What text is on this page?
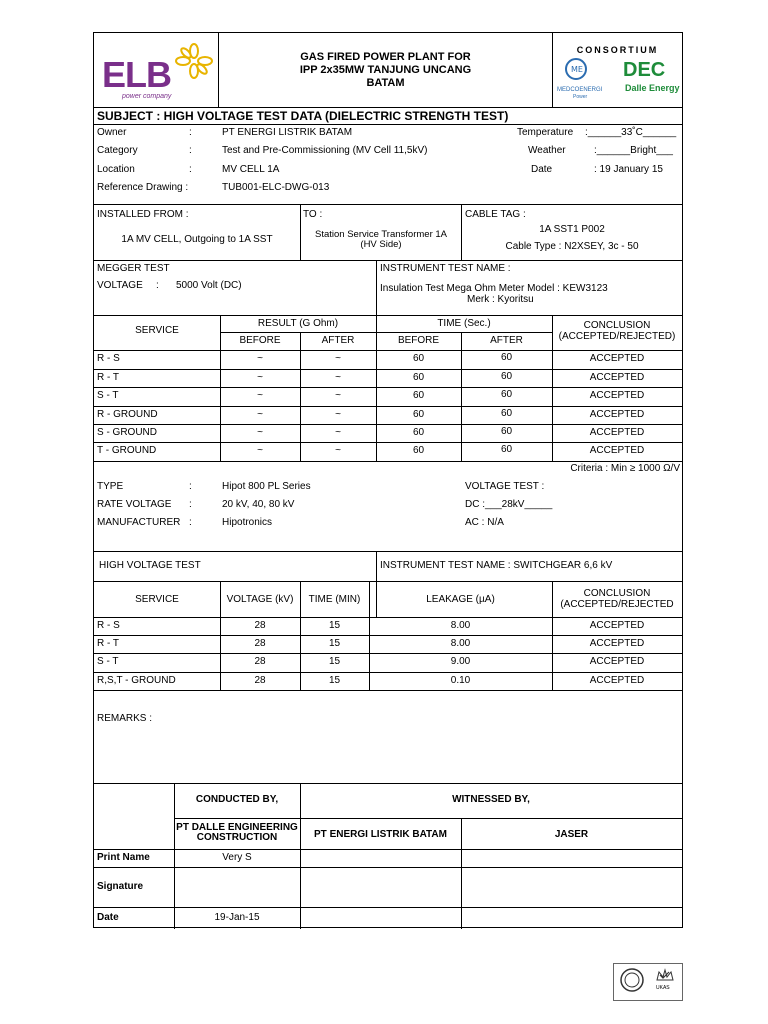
ELB
power company
GAS FIRED POWER PLANT FOR
IPP 2x35MW TANJUNG UNCANG
BATAM
CONSORTIUM
ME
MEDCOENERGI
Power
DEC
Dalle Energy
SUBJECT : HIGH VOLTAGE TEST DATA (DIELECTRIC STRENGTH TEST)
Owner	:	PT ENERGI LISTRIK BATAM	Temperature :______33˚C______
Category	:	Test and Pre-Commissioning (MV Cell 11,5kV)	Weather	:______Bright___
Location	:	MV CELL 1A	Date	: 19 January 15
Reference Drawing :	TUB001-ELC-DWG-013
INSTALLED FROM :
1A MV CELL, Outgoing to 1A SST
TO :
Station Service Transformer 1A
(HV Side)
CABLE TAG :
1A SST1 P002
Cable Type : N2XSEY, 3c - 50
MEGGER TEST
VOLTAGE : 5000 Volt (DC)
INSTRUMENT TEST NAME :
Insulation Test Mega Ohm Meter Model : KEW3123
Merk : Kyoritsu
SERVICE
RESULT (G Ohm)	TIME (Sec.)	CONCLUSION
(ACCEPTED/REJECTED)
BEFORE	AFTER	BEFORE	AFTER
R - S	~	~	60	60	ACCEPTED
R - T	~	~	60	60	ACCEPTED
S - T	~	~	60	60	ACCEPTED
R - GROUND	~	~	60	60	ACCEPTED
S - GROUND	~	~	60	60	ACCEPTED
T - GROUND	~	~	60	60	ACCEPTED
Criteria : Min ≥ 1000 Ω/V
TYPE	:	Hipot 800 PL Series	VOLTAGE TEST :
RATE VOLTAGE :	20 kV, 40, 80 kV	DC :___28kV_____
MANUFACTURER :	Hipotronics	AC : N/A
HIGH VOLTAGE TEST	INSTRUMENT TEST NAME : SWITCHGEAR 6,6 kV
SERVICE	VOLTAGE (kV)	TIME (MIN)	LEAKAGE (µA)
CONCLUSION
(ACCEPTED/REJECTED
R - S	28	15	8.00	ACCEPTED
R - T	28	15	8.00	ACCEPTED
S - T	28	15	9.00	ACCEPTED
R,S,T - GROUND	28	15	0.10	ACCEPTED
REMARKS :
CONDUCTED BY,	WITNESSED BY,
PT DALLE ENGINEERING
CONSTRUCTION	PT ENERGI LISTRIK BATAM	JASER
Print Name	Very S
Signature
Date	19-Jan-15
UKAS
